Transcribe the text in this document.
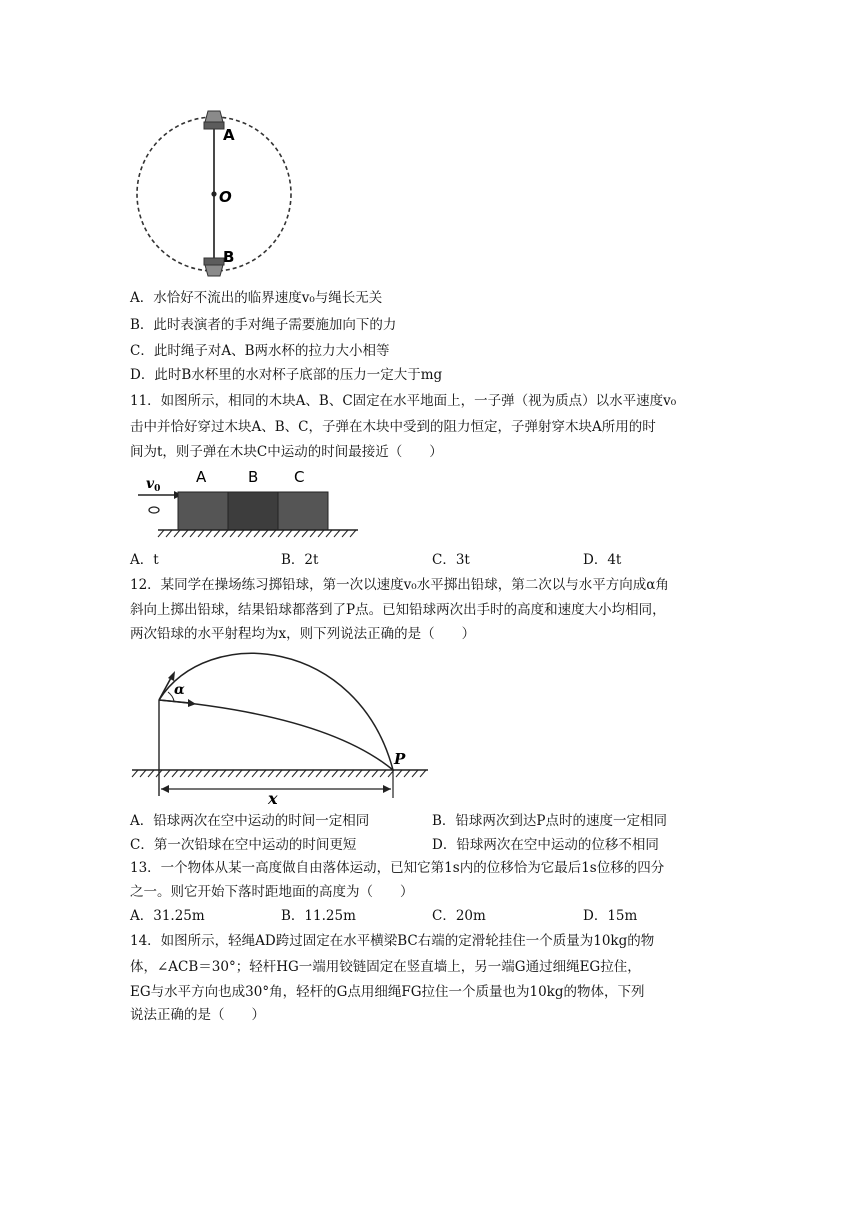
A
O
B
A．水恰好不流出的临界速度v₀与绳长无关
B．此时表演者的手对绳子需要施加向下的力
C．此时绳子对A、B两水杯的拉力大小相等
D．此时B水杯里的水对杯子底部的压力一定大于mg
11．如图所示，相同的木块A、B、C固定在水平地面上，一子弹（视为质点）以水平速度v₀
击中并恰好穿过木块A、B、C，子弹在木块中受到的阻力恒定，子弹射穿木块A所用的时
间为t，则子弹在木块C中运动的时间最接近（　　）
A	B C
$v_0$
A．t	B．2t	C．3t	D．4t
12．某同学在操场练习掷铅球，第一次以速度v₀水平掷出铅球，第二次以与水平方向成α角
斜向上掷出铅球，结果铅球都落到了P点。已知铅球两次出手时的高度和速度大小均相同，
两次铅球的水平射程均为x，则下列说法正确的是（　　）
α
P
x
A．铅球两次在空中运动的时间一定相同	B．铅球两次到达P点时的速度一定相同
C．第一次铅球在空中运动的时间更短	D．铅球两次在空中运动的位移不相同
13．一个物体从某一高度做自由落体运动，已知它第1s内的位移恰为它最后1s位移的四分
之一。则它开始下落时距地面的高度为（　　）
A．31.25m	B．11.25m	C．20m	D．15m
14．如图所示，轻绳AD跨过固定在水平横梁BC右端的定滑轮挂住一个质量为10kg的物
体，∠ACB＝30°；轻杆HG一端用铰链固定在竖直墙上，另一端G通过细绳EG拉住，
EG与水平方向也成30°角，轻杆的G点用细绳FG拉住一个质量也为10kg的物体，下列
说法正确的是（　　）
